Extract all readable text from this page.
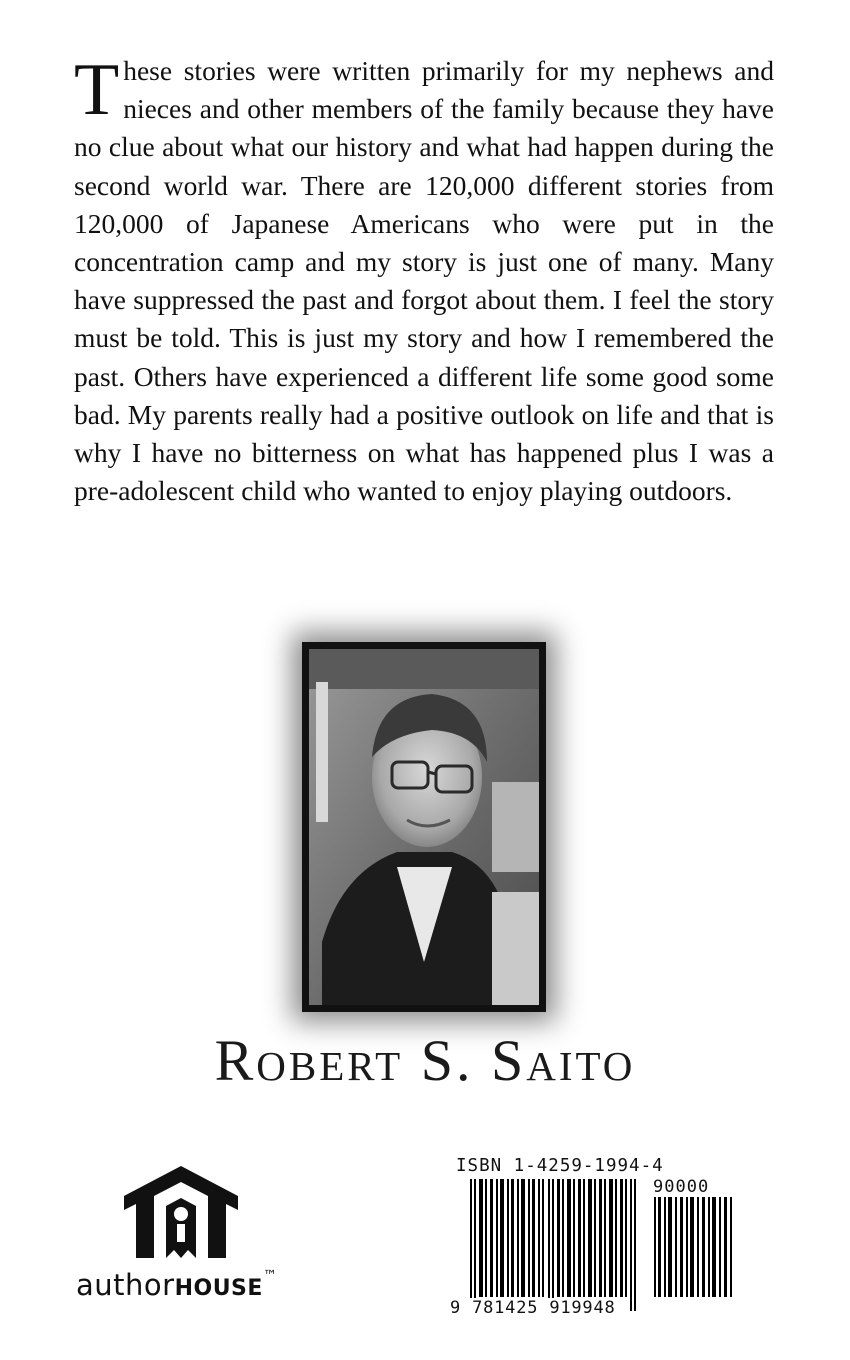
These stories were written primarily for my nephews and nieces and other members of the family because they have no clue about what our history and what had happen during the second world war. There are 120,000 different stories from 120,000 of Japanese Americans who were put in the concentration camp and my story is just one of many. Many have suppressed the past and forgot about them. I feel the story must be told. This is just my story and how I remembered the past. Others have experienced a different life some good some bad. My parents really had a positive outlook on life and that is why I have no bitterness on what has happened plus I was a pre-adolescent child who wanted to enjoy playing outdoors.

Robert S. Saito
authorHOUSE™
ISBN 1-4259-1994-4
90000
9 781425 919948
